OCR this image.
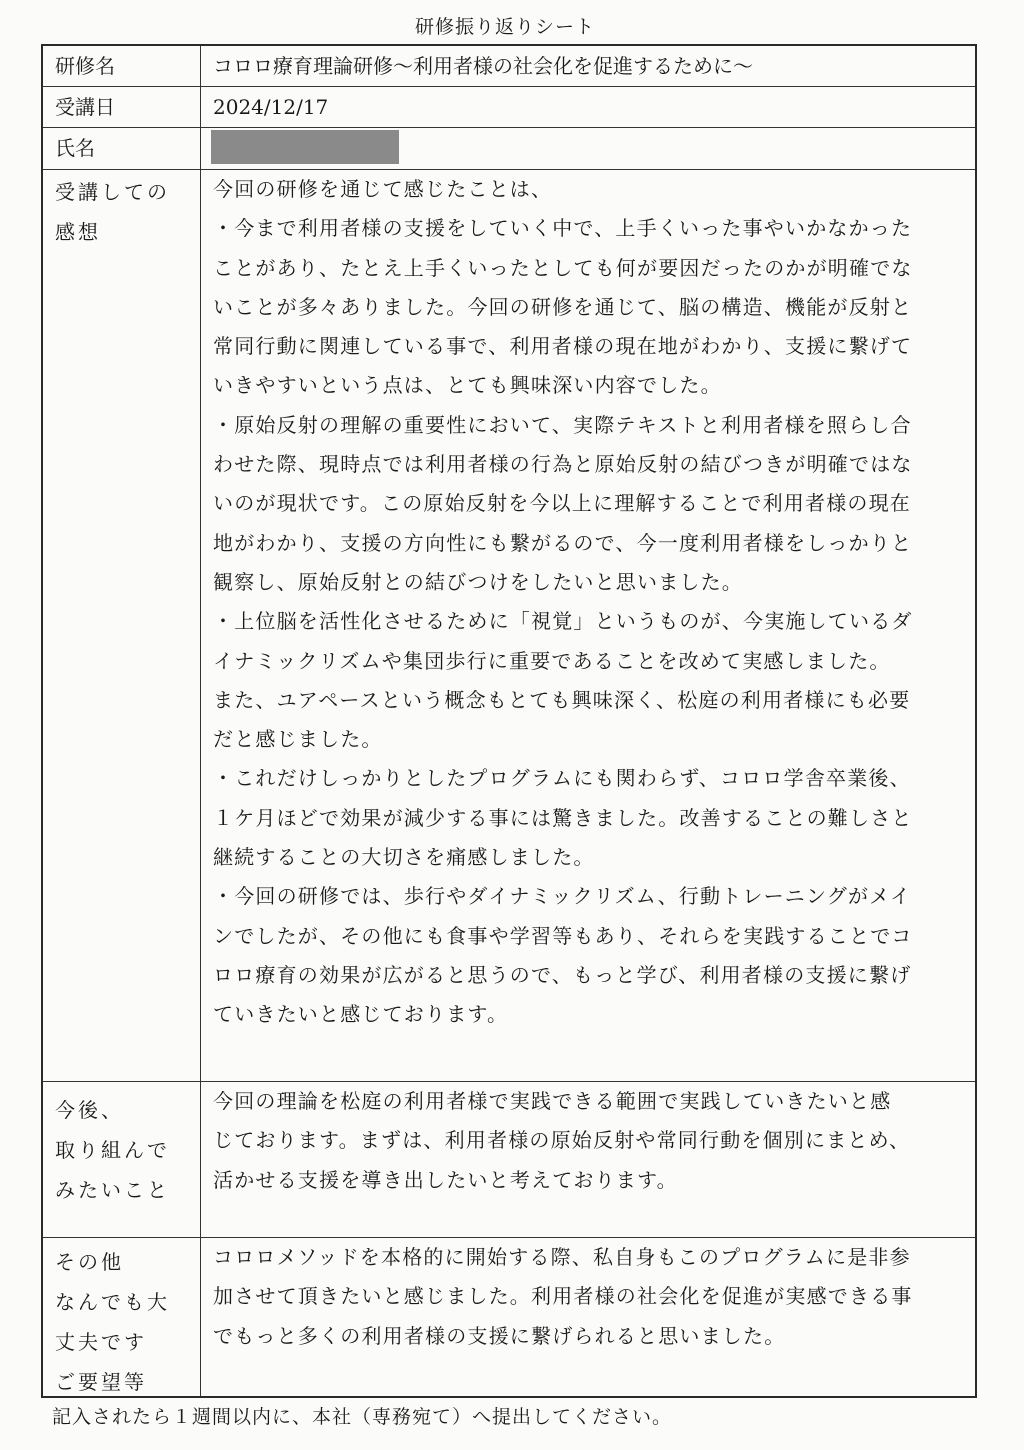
研修振り返りシート
研修名	コロロ療育理論研修～利用者様の社会化を促進するために～
受講日	2024/12/17
氏名
受講しての
感想

今回の研修を通じて感じたことは、

・今まで利用者様の支援をしていく中で、上手くいった事やいかなかった

ことがあり、たとえ上手くいったとしても何が要因だったのかが明確でな

いことが多々ありました。今回の研修を通じて、脳の構造、機能が反射と

常同行動に関連している事で、利用者様の現在地がわかり、支援に繋げて

いきやすいという点は、とても興味深い内容でした。

・原始反射の理解の重要性において、実際テキストと利用者様を照らし合

わせた際、現時点では利用者様の行為と原始反射の結びつきが明確ではな

いのが現状です。この原始反射を今以上に理解することで利用者様の現在

地がわかり、支援の方向性にも繋がるので、今一度利用者様をしっかりと

観察し、原始反射との結びつけをしたいと思いました。

・上位脳を活性化させるために「視覚」というものが、今実施しているダ

イナミックリズムや集団歩行に重要であることを改めて実感しました。

また、ユアペースという概念もとても興味深く、松庭の利用者様にも必要

だと感じました。

・これだけしっかりとしたプログラムにも関わらず、コロロ学舎卒業後、

１ケ月ほどで効果が減少する事には驚きました。改善することの難しさと

継続することの大切さを痛感しました。

・今回の研修では、歩行やダイナミックリズム、行動トレーニングがメイ

ンでしたが、その他にも食事や学習等もあり、それらを実践することでコ

ロロ療育の効果が広がると思うので、もっと学び、利用者様の支援に繋げ

ていきたいと感じております。

今後、
取り組んで
みたいこと

今回の理論を松庭の利用者様で実践できる範囲で実践していきたいと感

じております。まずは、利用者様の原始反射や常同行動を個別にまとめ、

活かせる支援を導き出したいと考えております。

その他
なんでも大
丈夫です
ご要望等

コロロメソッドを本格的に開始する際、私自身もこのプログラムに是非参

加させて頂きたいと感じました。利用者様の社会化を促進が実感できる事

でもっと多くの利用者様の支援に繋げられると思いました。

記入されたら１週間以内に、本社（専務宛て）へ提出してください。
